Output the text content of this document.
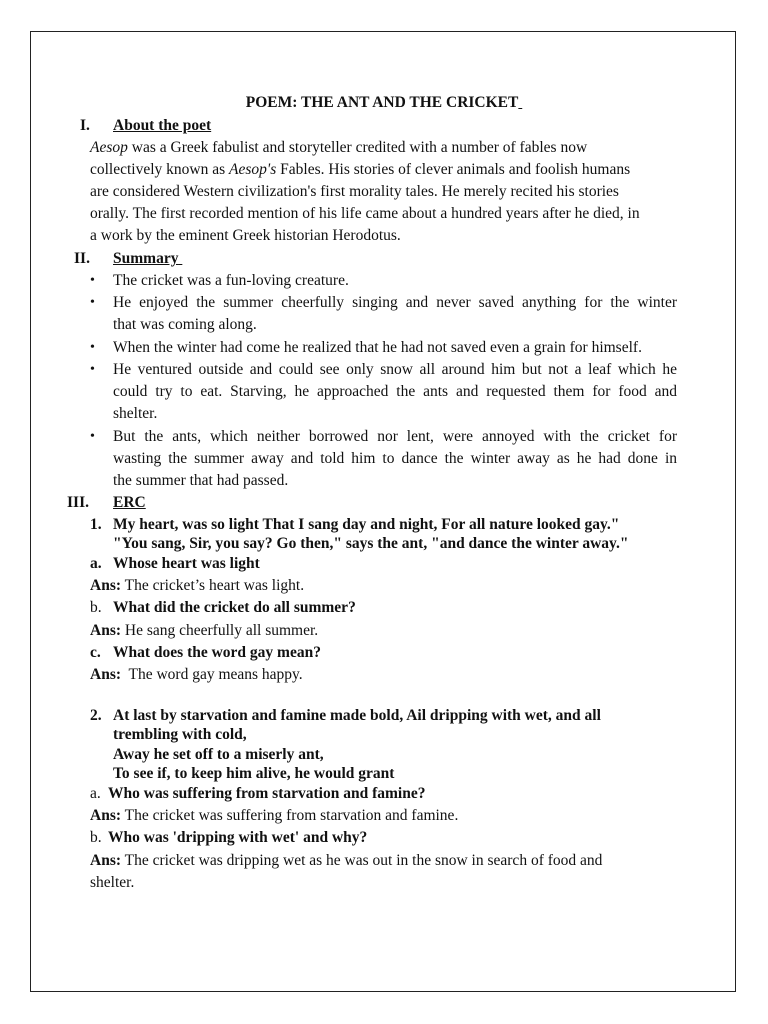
POEM: THE ANT AND THE CRICKET
I. About the poet
Aesop was a Greek fabulist and storyteller credited with a number of fables now
collectively known as Aesop's Fables. His stories of clever animals and foolish humans
are considered Western civilization's first morality tales. He merely recited his stories
orally. The first recorded mention of his life came about a hundred years after he died, in
a work by the eminent Greek historian Herodotus.
II. Summary
• The cricket was a fun-loving creature.
• He enjoyed the summer cheerfully singing and never saved anything for the winter
that was coming along.
• When the winter had come he realized that he had not saved even a grain for himself.
• He ventured outside and could see only snow all around him but not a leaf which he
could try to eat. Starving, he approached the ants and requested them for food and
shelter.
• But the ants, which neither borrowed nor lent, were annoyed with the cricket for
wasting the summer away and told him to dance the winter away as he had done in
the summer that had passed.
III. ERC
1. My heart, was so light That I sang day and night, For all nature looked gay."
"You sang, Sir, you say? Go then," says the ant, "and dance the winter away."
a. Whose heart was light
Ans: The cricket’s heart was light.
b. What did the cricket do all summer?
Ans: He sang cheerfully all summer.
c. What does the word gay mean?
Ans:  The word gay means happy.
2. At last by starvation and famine made bold, Ail dripping with wet, and all
trembling with cold,
Away he set off to a miserly ant,
To see if, to keep him alive, he would grant
a. Who was suffering from starvation and famine?
Ans: The cricket was suffering from starvation and famine.
b. Who was 'dripping with wet' and why?
Ans: The cricket was dripping wet as he was out in the snow in search of food and
shelter.
